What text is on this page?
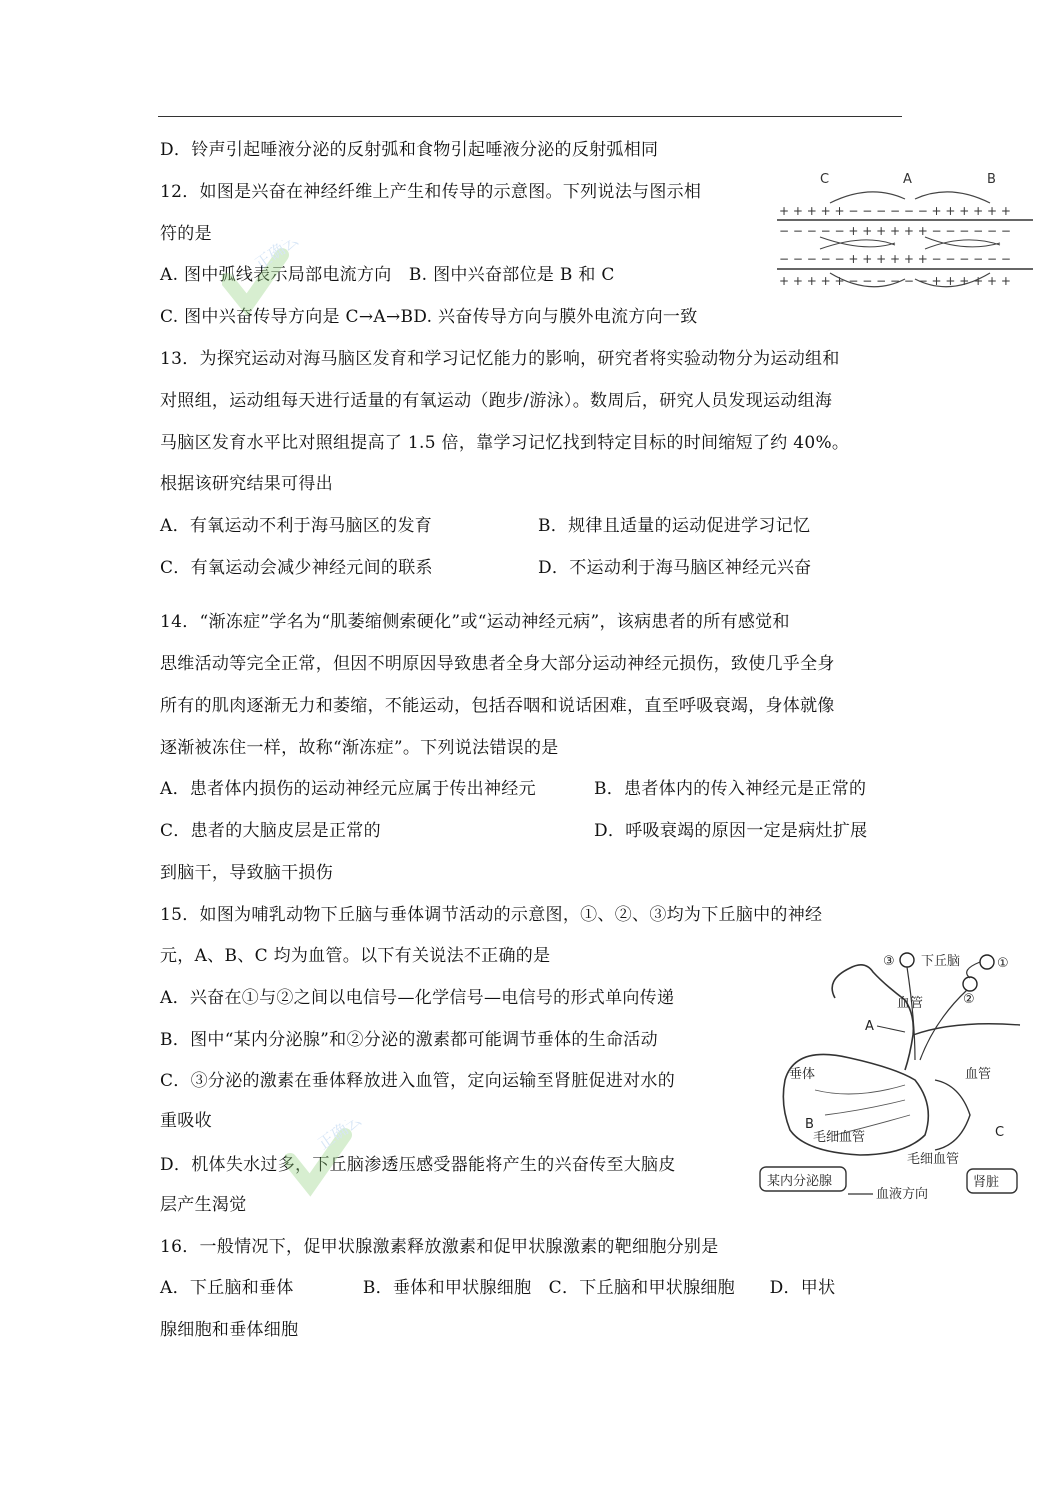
D．铃声引起唾液分泌的反射弧和食物引起唾液分泌的反射弧相同
12．如图是兴奋在神经纤维上产生和传导的示意图。下列说法与图示相
符的是
A. 图中弧线表示局部电流方向　B. 图中兴奋部位是 B 和 C
C. 图中兴奋传导方向是 C→A→BD. 兴奋传导方向与膜外电流方向一致
13．为探究运动对海马脑区发育和学习记忆能力的影响，研究者将实验动物分为运动组和
对照组，运动组每天进行适量的有氧运动（跑步/游泳）。数周后，研究人员发现运动组海
马脑区发育水平比对照组提高了 1.5 倍，靠学习记忆找到特定目标的时间缩短了约 40%。
根据该研究结果可得出
A．有氧运动不利于海马脑区的发育	B．规律且适量的运动促进学习记忆
C．有氧运动会减少神经元间的联系	D．不运动利于海马脑区神经元兴奋
14．“渐冻症”学名为“肌萎缩侧索硬化”或“运动神经元病”，该病患者的所有感觉和
思维活动等完全正常，但因不明原因导致患者全身大部分运动神经元损伤，致使几乎全身
所有的肌肉逐渐无力和萎缩，不能运动，包括吞咽和说话困难，直至呼吸衰竭，身体就像
逐渐被冻住一样，故称“渐冻症”。下列说法错误的是
A．患者体内损伤的运动神经元应属于传出神经元	B．患者体内的传入神经元是正常的
C．患者的大脑皮层是正常的	D．呼吸衰竭的原因一定是病灶扩展
到脑干，导致脑干损伤
15．如图为哺乳动物下丘脑与垂体调节活动的示意图，①、②、③均为下丘脑中的神经
元，A、B、C 均为血管。以下有关说法不正确的是
A．兴奋在①与②之间以电信号—化学信号—电信号的形式单向传递
B．图中“某内分泌腺”和②分泌的激素都可能调节垂体的生命活动
C．③分泌的激素在垂体释放进入血管，定向运输至肾脏促进对水的
重吸收
D．机体失水过多，下丘脑渗透压感受器能将产生的兴奋传至大脑皮
层产生渴觉
16．一般情况下，促甲状腺激素释放激素和促甲状腺激素的靶细胞分别是
A．下丘脑和垂体　　　　B．垂体和甲状腺细胞　C．下丘脑和甲状腺细胞　　D．甲状
腺细胞和垂体细胞
C	A	B
+ + + + + − − − − − − + + + + + +
− − − − − + + + + + + − − − − − −
− − − − − + + + + + + − − − − − −
+ + + + + − − − − − − + + + + + +
③ 下丘脑	①
②
血管
A
垂体	血管
B
毛细血管	C
毛细血管
某内分泌腺	肾脏
血液方向
正确云
正确云
